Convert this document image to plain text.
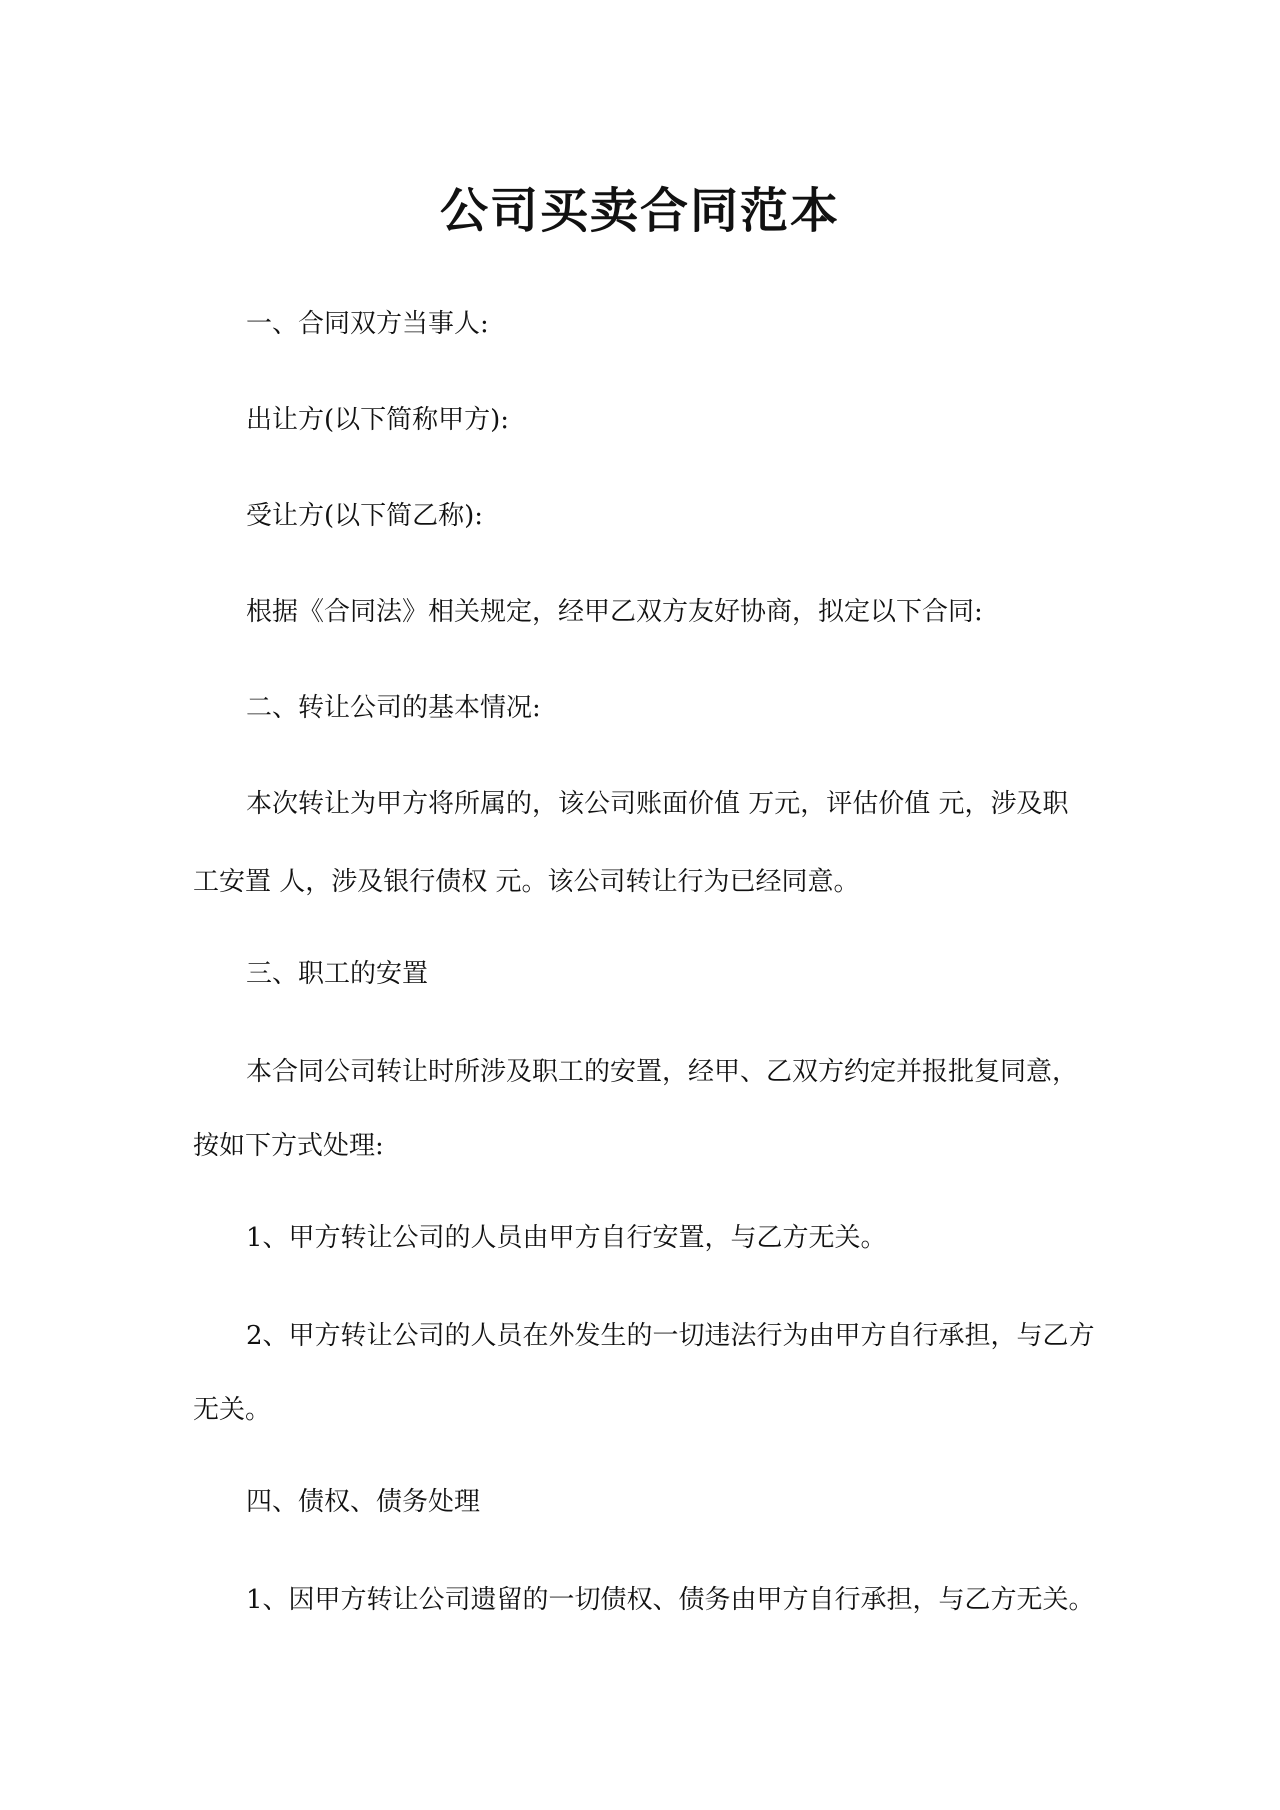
公司买卖合同范本

一、合同双方当事人:

出让方(以下简称甲方):

受让方(以下简乙称):

根据《合同法》相关规定，经甲乙双方友好协商，拟定以下合同:

二、转让公司的基本情况:

本次转让为甲方将所属的，该公司账面价值 万元，评估价值 元，涉及职

工安置 人，涉及银行债权 元。该公司转让行为已经同意。

三、职工的安置

本合同公司转让时所涉及职工的安置，经甲、乙双方约定并报批复同意，

按如下方式处理:

1、甲方转让公司的人员由甲方自行安置，与乙方无关。

2、甲方转让公司的人员在外发生的一切违法行为由甲方自行承担，与乙方

无关。

四、债权、债务处理

1、因甲方转让公司遗留的一切债权、债务由甲方自行承担，与乙方无关。
